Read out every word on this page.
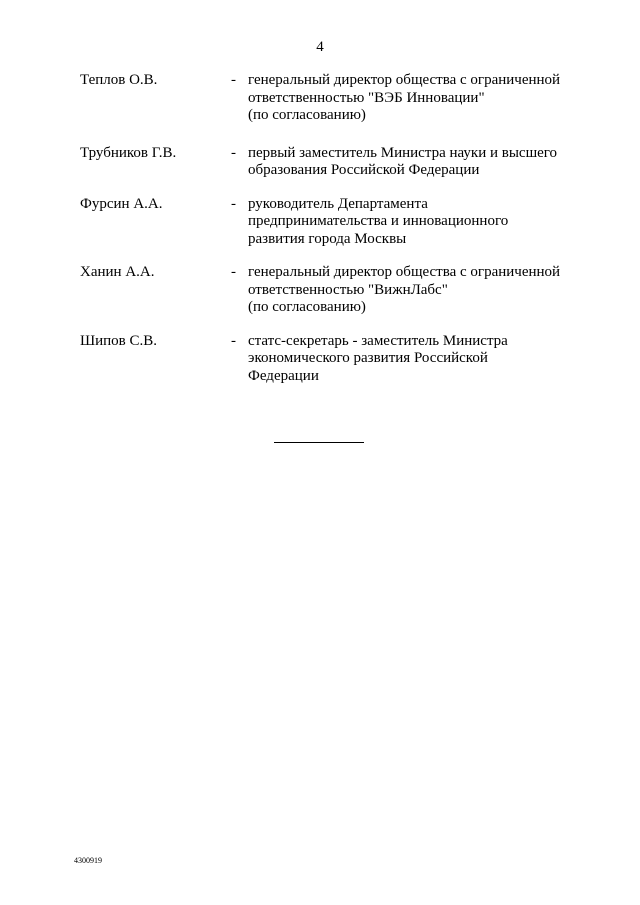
4
Теплов О.В.	- генеральный директор общества с ограниченной
ответственностью "ВЭБ Инновации"
(по согласованию)
Трубников Г.В.	- первый заместитель Министра науки и высшего
образования Российской Федерации
Фурсин А.А.	- руководитель Департамента
предпринимательства и инновационного
развития города Москвы
Ханин А.А.	- генеральный директор общества с ограниченной
ответственностью "ВижнЛабс"
(по согласованию)
Шипов С.В.	- статс-секретарь - заместитель Министра
экономического развития Российской
Федерации
4300919
